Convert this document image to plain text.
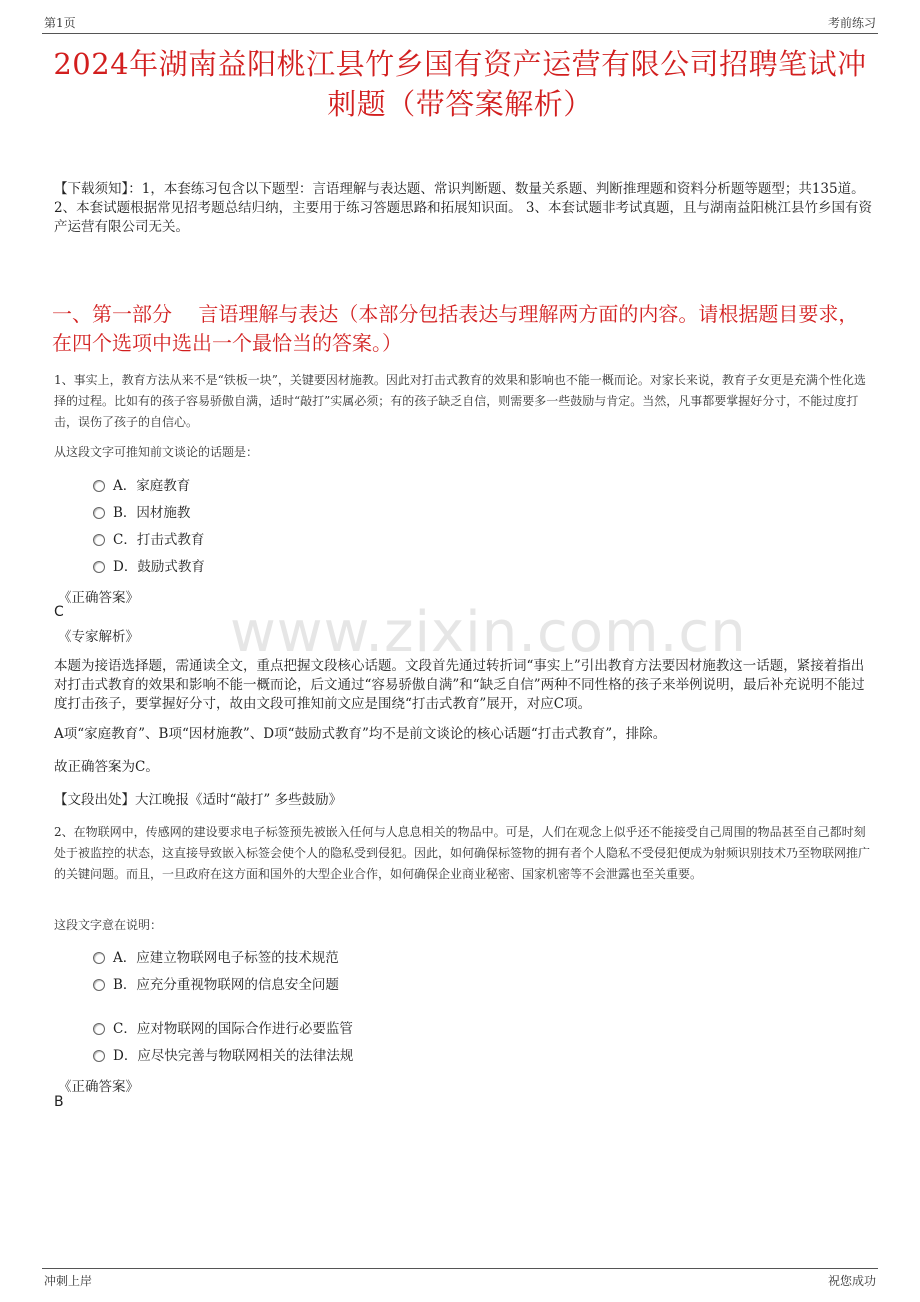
第1页	考前练习
2024年湖南益阳桃江县竹乡国有资产运营有限公司招聘笔试冲刺题（带答案解析）
【下载须知】：1，本套练习包含以下题型：言语理解与表达题、常识判断题、数量关系题、判断推理题和资料分析题等题型；共135道。 2、本套试题根据常见招考题总结归纳，主要用于练习答题思路和拓展知识面。 3、本套试题非考试真题，且与湖南益阳桃江县竹乡国有资产运营有限公司无关。
一、第一部分　 言语理解与表达（本部分包括表达与理解两方面的内容。请根据题目要求，在四个选项中选出一个最恰当的答案。）
www.zixin.com.cn
1、事实上，教育方法从来不是“铁板一块”，关键要因材施教。因此对打击式教育的效果和影响也不能一概而论。对家长来说，教育子女更是充满个性化选择的过程。比如有的孩子容易骄傲自满，适时“敲打”实属必须；有的孩子缺乏自信，则需要多一些鼓励与肯定。当然，凡事都要掌握好分寸，不能过度打击，误伤了孩子的自信心。
从这段文字可推知前文谈论的话题是：
A．家庭教育
B．因材施教
C．打击式教育
D．鼓励式教育
《正确答案》
C
《专家解析》
本题为接语选择题，需通读全文，重点把握文段核心话题。文段首先通过转折词“事实上”引出教育方法要因材施教这一话题，紧接着指出对打击式教育的效果和影响不能一概而论，后文通过“容易骄傲自满”和“缺乏自信”两种不同性格的孩子来举例说明，最后补充说明不能过度打击孩子，要掌握好分寸，故由文段可推知前文应是围绕“打击式教育”展开，对应C项。
A项“家庭教育”、B项“因材施教”、D项“鼓励式教育”均不是前文谈论的核心话题“打击式教育”，排除。
故正确答案为C。
【文段出处】大江晚报《适时“敲打” 多些鼓励》
2、在物联网中，传感网的建设要求电子标签预先被嵌入任何与人息息相关的物品中。可是，人们在观念上似乎还不能接受自己周围的物品甚至自己都时刻处于被监控的状态，这直接导致嵌入标签会使个人的隐私受到侵犯。因此，如何确保标签物的拥有者个人隐私不受侵犯便成为射频识别技术乃至物联网推广的关键问题。而且，一旦政府在这方面和国外的大型企业合作，如何确保企业商业秘密、国家机密等不会泄露也至关重要。
这段文字意在说明：
A．应建立物联网电子标签的技术规范
B．应充分重视物联网的信息安全问题
C．应对物联网的国际合作进行必要监管
D．应尽快完善与物联网相关的法律法规
《正确答案》
B
冲刺上岸	祝您成功
